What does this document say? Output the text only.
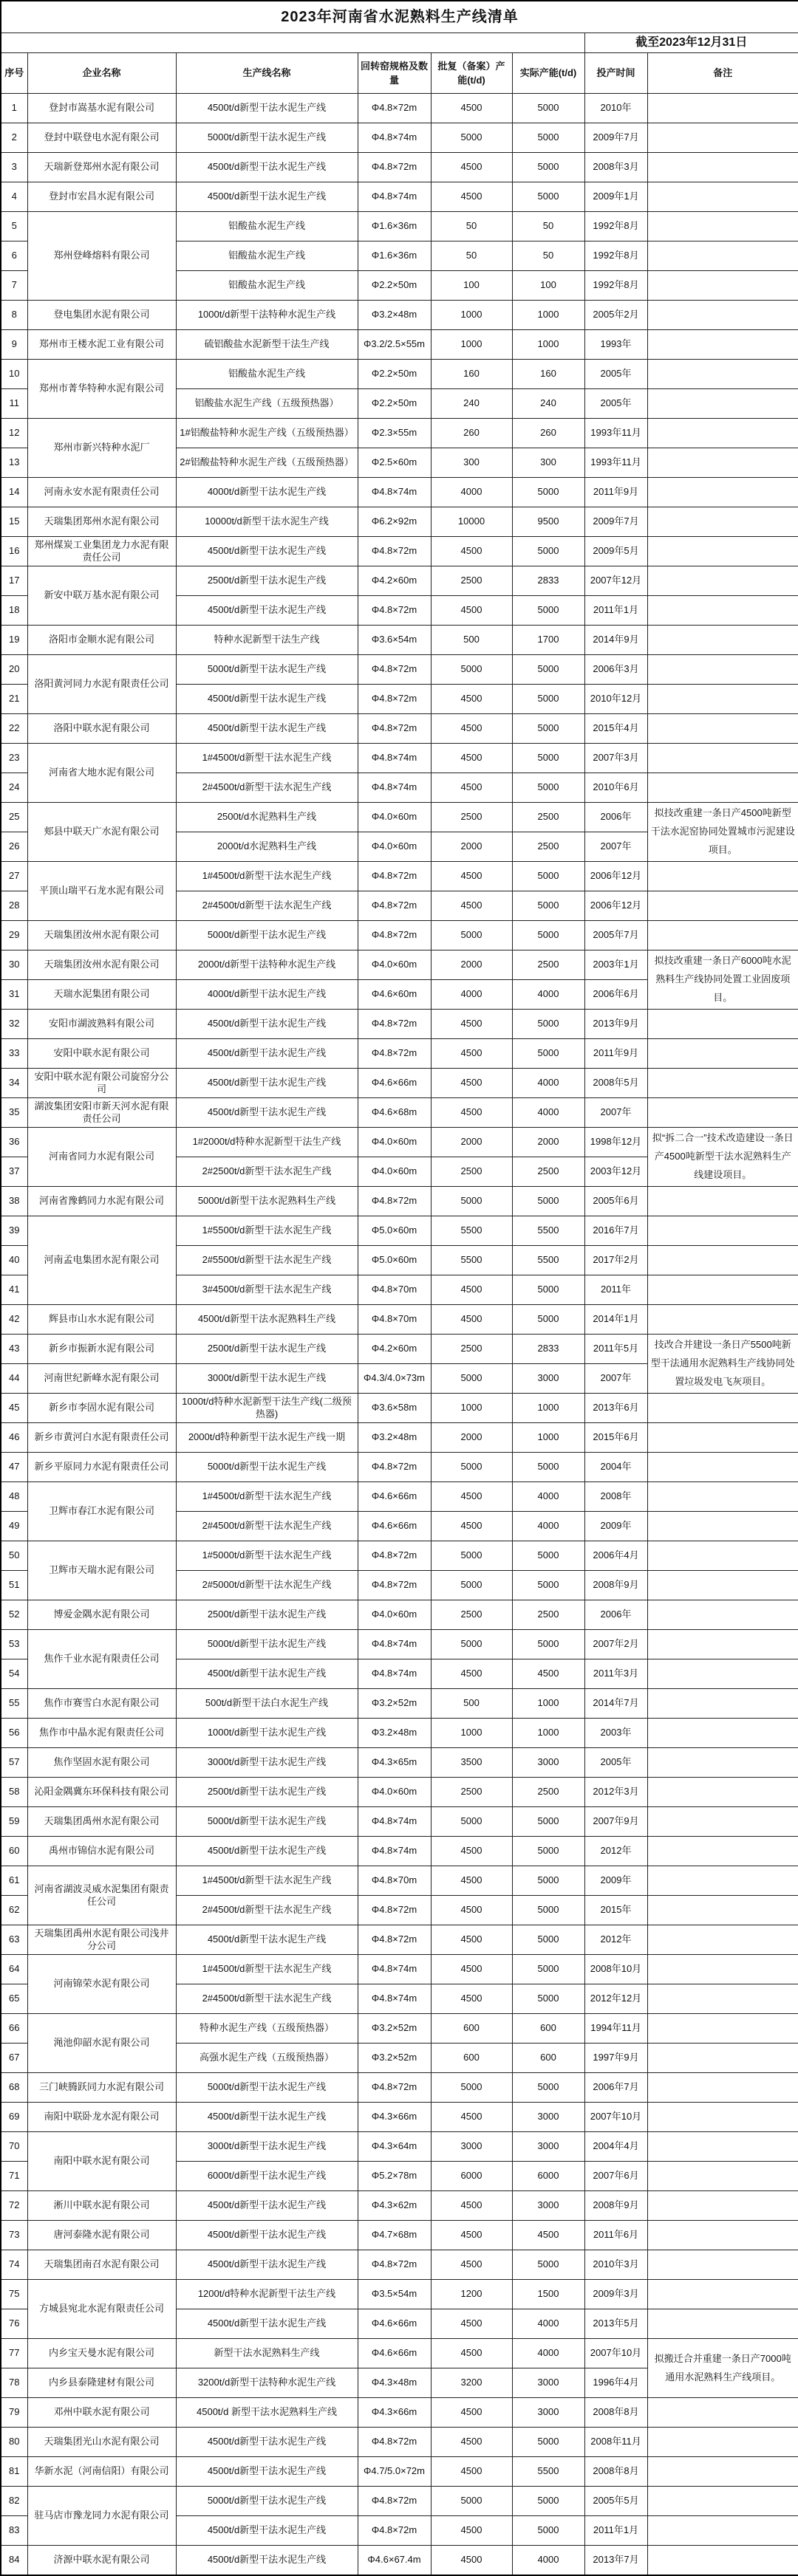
2023年河南省水泥熟料生产线清单							
						截至2023年12月31日	
序号	企业名称	生产线名称	回转窑规格及数量	批复（备案）产能(t/d)	实际产能(t/d)	投产时间	备注
1	登封市嵩基水泥有限公司	4500t/d新型干法水泥生产线	Φ4.8×72m	4500	5000	2010年	
2	登封中联登电水泥有限公司	5000t/d新型干法水泥生产线	Φ4.8×74m	5000	5000	2009年7月	
3	天瑞新登郑州水泥有限公司	4500t/d新型干法水泥生产线	Φ4.8×72m	4500	5000	2008年3月	
4	登封市宏昌水泥有限公司	4500t/d新型干法水泥生产线	Φ4.8×74m	4500	5000	2009年1月	
5	郑州登峰熔料有限公司	铝酸盐水泥生产线	Φ1.6×36m	50	50	1992年8月	
6		铝酸盐水泥生产线	Φ1.6×36m	50	50	1992年8月	
7		铝酸盐水泥生产线	Φ2.2×50m	100	100	1992年8月	
8	登电集团水泥有限公司	1000t/d新型干法特种水泥生产线	Φ3.2×48m	1000	1000	2005年2月	
9	郑州市王楼水泥工业有限公司	硫铝酸盐水泥新型干法生产线	Φ3.2/2.5×55m	1000	1000	1993年	
10	郑州市菁华特种水泥有限公司	铝酸盐水泥生产线	Φ2.2×50m	160	160	2005年	
11		铝酸盐水泥生产线（五级预热器）	Φ2.2×50m	240	240	2005年	
12	郑州市新兴特种水泥厂	1#铝酸盐特种水泥生产线（五级预热器）	Φ2.3×55m	260	260	1993年11月	
13		2#铝酸盐特种水泥生产线（五级预热器）	Φ2.5×60m	300	300	1993年11月	
14	河南永安水泥有限责任公司	4000t/d新型干法水泥生产线	Φ4.8×74m	4000	5000	2011年9月	
15	天瑞集团郑州水泥有限公司	10000t/d新型干法水泥生产线	Φ6.2×92m	10000	9500	2009年7月	
16	郑州煤炭工业集团龙力水泥有限责任公司	4500t/d新型干法水泥生产线	Φ4.8×72m	4500	5000	2009年5月	
17	新安中联万基水泥有限公司	2500t/d新型干法水泥生产线	Φ4.2×60m	2500	2833	2007年12月	
18		4500t/d新型干法水泥生产线	Φ4.8×72m	4500	5000	2011年1月	
19	洛阳市金顺水泥有限公司	特种水泥新型干法生产线	Φ3.6×54m	500	1700	2014年9月	
20	洛阳黄河同力水泥有限责任公司	5000t/d新型干法水泥生产线	Φ4.8×72m	5000	5000	2006年3月	
21		4500t/d新型干法水泥生产线	Φ4.8×72m	4500	5000	2010年12月	
22	洛阳中联水泥有限公司	4500t/d新型干法水泥生产线	Φ4.8×72m	4500	5000	2015年4月	
23	河南省大地水泥有限公司	1#4500t/d新型干法水泥生产线	Φ4.8×74m	4500	5000	2007年3月	
24		2#4500t/d新型干法水泥生产线	Φ4.8×74m	4500	5000	2010年6月	
25	郏县中联天广水泥有限公司	2500t/d水泥熟料生产线	Φ4.0×60m	2500	2500	2006年	拟技改重建一条日产4500吨新型干法水泥窑协同处置城市污泥建设项目。
26		2000t/d水泥熟料生产线	Φ4.0×60m	2000	2500	2007年	
27	平顶山瑞平石龙水泥有限公司	1#4500t/d新型干法水泥生产线	Φ4.8×72m	4500	5000	2006年12月	
28		2#4500t/d新型干法水泥生产线	Φ4.8×72m	4500	5000	2006年12月	
29	天瑞集团汝州水泥有限公司	5000t/d新型干法水泥生产线	Φ4.8×72m	5000	5000	2005年7月	
30	天瑞集团汝州水泥有限公司	2000t/d新型干法特种水泥生产线	Φ4.0×60m	2000	2500	2003年1月	拟技改重建一条日产6000吨水泥熟料生产线协同处置工业固废项目。
31	天瑞水泥集团有限公司	4000t/d新型干法水泥生产线	Φ4.6×60m	4000	4000	2006年6月	
32	安阳市湖波熟料有限公司	4500t/d新型干法水泥生产线	Φ4.8×72m	4500	5000	2013年9月	
33	安阳中联水泥有限公司	4500t/d新型干法水泥生产线	Φ4.8×72m	4500	5000	2011年9月	
34	安阳中联水泥有限公司旋窑分公司	4500t/d新型干法水泥生产线	Φ4.6×66m	4500	4000	2008年5月	
35	湖波集团安阳市新天河水泥有限责任公司	4500t/d新型干法水泥生产线	Φ4.6×68m	4500	4000	2007年	
36	河南省同力水泥有限公司	1#2000t/d特种水泥新型干法生产线	Φ4.0×60m	2000	2000	1998年12月	拟“拆二合一”技术改造建设一条日产4500吨新型干法水泥熟料生产线建设项目。
37		2#2500t/d新型干法水泥生产线	Φ4.0×60m	2500	2500	2003年12月	
38	河南省豫鹤同力水泥有限公司	5000t/d新型干法水泥熟料生产线	Φ4.8×72m	5000	5000	2005年6月	
39	河南孟电集团水泥有限公司	1#5500t/d新型干法水泥生产线	Φ5.0×60m	5500	5500	2016年7月	
40		2#5500t/d新型干法水泥生产线	Φ5.0×60m	5500	5500	2017年2月	
41		3#4500t/d新型干法水泥生产线	Φ4.8×70m	4500	5000	2011年	
42	辉县市山水水泥有限公司	4500t/d新型干法水泥熟料生产线	Φ4.8×70m	4500	5000	2014年1月	
43	新乡市振新水泥有限公司	2500t/d新型干法水泥生产线	Φ4.2×60m	2500	2833	2011年5月	技改合并建设一条日产5500吨新型干法通用水泥熟料生产线协同处置垃圾发电飞灰项目。
44	河南世纪新峰水泥有限公司	3000t/d新型干法水泥生产线	Φ4.3/4.0×73m	5000	3000	2007年	
45	新乡市李固水泥有限公司	1000t/d特种水泥新型干法生产线(二级预热器)	Φ3.6×58m	1000	1000	2013年6月	
46	新乡市黄河白水泥有限责任公司	2000t/d特种新型干法水泥生产线一期	Φ3.2×48m	2000	1000	2015年6月	
47	新乡平原同力水泥有限责任公司	5000t/d新型干法水泥生产线	Φ4.8×72m	5000	5000	2004年	
48	卫辉市春江水泥有限公司	1#4500t/d新型干法水泥生产线	Φ4.6×66m	4500	4000	2008年	
49		2#4500t/d新型干法水泥生产线	Φ4.6×66m	4500	4000	2009年	
50	卫辉市天瑞水泥有限公司	1#5000t/d新型干法水泥生产线	Φ4.8×72m	5000	5000	2006年4月	
51		2#5000t/d新型干法水泥生产线	Φ4.8×72m	5000	5000	2008年9月	
52	博爱金隅水泥有限公司	2500t/d新型干法水泥生产线	Φ4.0×60m	2500	2500	2006年	
53	焦作千业水泥有限责任公司	5000t/d新型干法水泥生产线	Φ4.8×74m	5000	5000	2007年2月	
54		4500t/d新型干法水泥生产线	Φ4.8×74m	4500	4500	2011年3月	
55	焦作市赛雪白水泥有限公司	500t/d新型干法白水泥生产线	Φ3.2×52m	500	1000	2014年7月	
56	焦作市中晶水泥有限责任公司	1000t/d新型干法水泥生产线	Φ3.2×48m	1000	1000	2003年	
57	焦作坚固水泥有限公司	3000t/d新型干法水泥生产线	Φ4.3×65m	3500	3000	2005年	
58	沁阳金隅冀东环保科技有限公司	2500t/d新型干法水泥生产线	Φ4.0×60m	2500	2500	2012年3月	
59	天瑞集团禹州水泥有限公司	5000t/d新型干法水泥生产线	Φ4.8×74m	5000	5000	2007年9月	
60	禹州市锦信水泥有限公司	4500t/d新型干法水泥生产线	Φ4.8×74m	4500	5000	2012年	
61	河南省湖波灵威水泥集团有限责任公司	1#4500t/d新型干法水泥生产线	Φ4.8×70m	4500	5000	2009年	
62		2#4500t/d新型干法水泥生产线	Φ4.8×72m	4500	5000	2015年	
63	天瑞集团禹州水泥有限公司浅井分公司	4500t/d新型干法水泥生产线	Φ4.8×72m	4500	5000	2012年	
64	河南锦荣水泥有限公司	1#4500t/d新型干法水泥生产线	Φ4.8×74m	4500	5000	2008年10月	
65		2#4500t/d新型干法水泥生产线	Φ4.8×74m	4500	5000	2012年12月	
66	渑池仰韶水泥有限公司	特种水泥生产线（五级预热器）	Φ3.2×52m	600	600	1994年11月	
67		高强水泥生产线（五级预热器）	Φ3.2×52m	600	600	1997年9月	
68	三门峡腾跃同力水泥有限公司	5000t/d新型干法水泥生产线	Φ4.8×72m	5000	5000	2006年7月	
69	南阳中联卧龙水泥有限公司	4500t/d新型干法水泥生产线	Φ4.3×66m	4500	3000	2007年10月	
70	南阳中联水泥有限公司	3000t/d新型干法水泥生产线	Φ4.3×64m	3000	3000	2004年4月	
71		6000t/d新型干法水泥生产线	Φ5.2×78m	6000	6000	2007年6月	
72	淅川中联水泥有限公司	4500t/d新型干法水泥生产线	Φ4.3×62m	4500	3000	2008年9月	
73	唐河泰隆水泥有限公司	4500t/d新型干法水泥生产线	Φ4.7×68m	4500	4500	2011年6月	
74	天瑞集团南召水泥有限公司	4500t/d新型干法水泥生产线	Φ4.8×72m	4500	5000	2010年3月	
75	方城县宛北水泥有限责任公司	1200t/d特种水泥新型干法生产线	Φ3.5×54m	1200	1500	2009年3月	
76		4500t/d新型干法水泥生产线	Φ4.6×66m	4500	4000	2013年5月	
77	内乡宝天曼水泥有限公司	新型干法水泥熟料生产线	Φ4.6×66m	4500	4000	2007年10月	拟搬迁合并重建一条日产7000吨通用水泥熟料生产线项目。
78	内乡县泰隆建材有限公司	3200t/d新型干法特种水泥生产线	Φ4.3×48m	3200	3000	1996年4月	
79	邓州中联水泥有限公司	4500t/d 新型干法水泥熟料生产线	Φ4.3×66m	4500	3000	2008年8月	
80	天瑞集团光山水泥有限公司	4500t/d新型干法水泥生产线	Φ4.8×72m	4500	5000	2008年11月	
81	华新水泥（河南信阳）有限公司	4500t/d新型干法水泥生产线	Φ4.7/5.0×72m	4500	5500	2008年8月	
82	驻马店市豫龙同力水泥有限公司	5000t/d新型干法水泥生产线	Φ4.8×72m	5000	5000	2005年5月	
83		4500t/d新型干法水泥生产线	Φ4.8×72m	4500	5000	2011年1月	
84	济源中联水泥有限公司	4500t/d新型干法水泥生产线	Φ4.6×67.4m	4500	4000	2013年7月	
